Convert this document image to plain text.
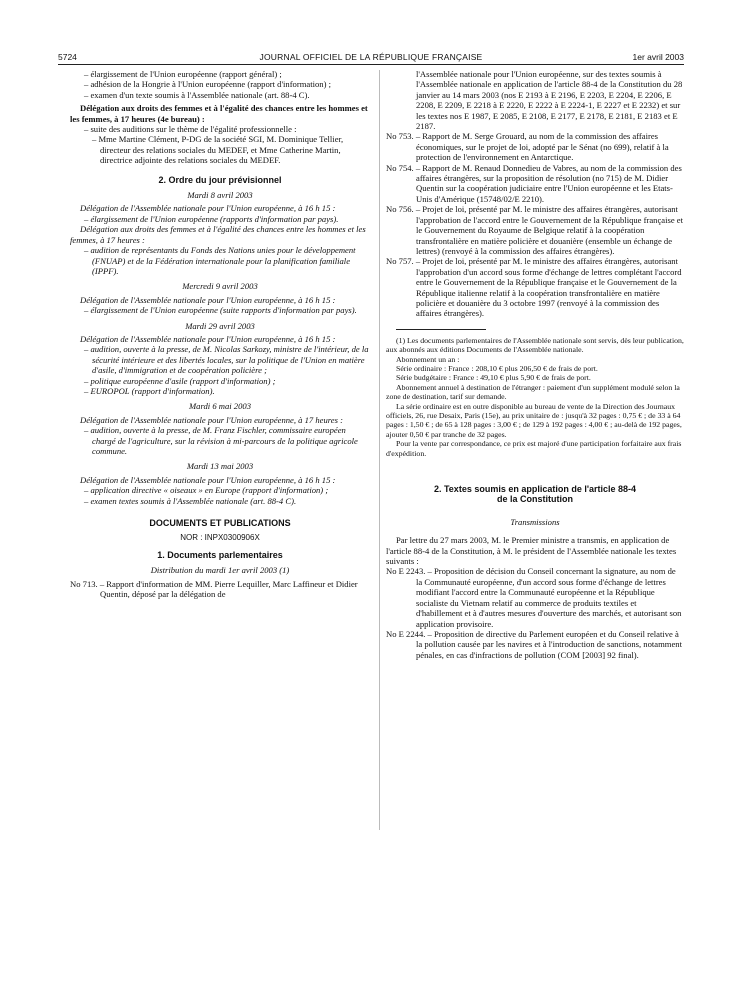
5724	JOURNAL OFFICIEL DE LA RÉPUBLIQUE FRANÇAISE	1er avril 2003

– élargissement de l'Union européenne (rapport général) ;

– adhésion de la Hongrie à l'Union européenne (rapport d'information) ;

– examen d'un texte soumis à l'Assemblée nationale (art. 88-4 C).

Délégation aux droits des femmes et à l'égalité des chances entre les hommes et les femmes, à 17 heures (4e bureau) :

– suite des auditions sur le thème de l'égalité professionnelle :

– Mme Martine Clément, P-DG de la société SGI, M. Dominique Tellier, directeur des relations sociales du MEDEF, et Mme Catherine Martin, directrice adjointe des relations sociales du MEDEF.

2. Ordre du jour prévisionnel

Mardi 8 avril 2003

Délégation de l'Assemblée nationale pour l'Union européenne, à 16 h 15 :

– élargissement de l'Union européenne (rapports d'information par pays).

Délégation aux droits des femmes et à l'égalité des chances entre les hommes et les femmes, à 17 heures :

– audition de représentants du Fonds des Nations unies pour le développement (FNUAP) et de la Fédération internationale pour la planification familiale (IPPF).

Mercredi 9 avril 2003

Délégation de l'Assemblée nationale pour l'Union européenne, à 16 h 15 :

– élargissement de l'Union européenne (suite rapports d'information par pays).

Mardi 29 avril 2003

Délégation de l'Assemblée nationale pour l'Union européenne, à 16 h 15 :

– audition, ouverte à la presse, de M. Nicolas Sarkozy, ministre de l'intérieur, de la sécurité intérieure et des libertés locales, sur la politique de l'Union en matière d'asile, d'immigration et de coopération policière ;

– politique européenne d'asile (rapport d'information) ;

– EUROPOL (rapport d'information).

Mardi 6 mai 2003

Délégation de l'Assemblée nationale pour l'Union européenne, à 17 heures :

– audition, ouverte à la presse, de M. Franz Fischler, commissaire européen chargé de l'agriculture, sur la révision à mi-parcours de la politique agricole commune.

Mardi 13 mai 2003

Délégation de l'Assemblée nationale pour l'Union européenne, à 16 h 15 :

– application directive « oiseaux » en Europe (rapport d'information) ;

– examen textes soumis à l'Assemblée nationale (art. 88-4 C).

DOCUMENTS ET PUBLICATIONS

NOR : INPX0300906X

1. Documents parlementaires

Distribution du mardi 1er avril 2003 (1)

No 713. – Rapport d'information de MM. Pierre Lequiller, Marc Laffineur et Didier Quentin, déposé par la délégation de

l'Assemblée nationale pour l'Union européenne, sur des textes soumis à l'Assemblée nationale en application de l'article 88-4 de la Constitution du 28 janvier au 14 mars 2003 (nos E 2193 à E 2196, E 2203, E 2204, E 2206, E 2208, E 2209, E 2218 à E 2220, E 2222 à E 2224-1, E 2227 et E 2232) et sur les textes nos E 1987, E 2085, E 2108, E 2177, E 2178, E 2181, E 2183 et E 2187.

No 753. – Rapport de M. Serge Grouard, au nom de la commission des affaires économiques, sur le projet de loi, adopté par le Sénat (no 699), relatif à la protection de l'environnement en Antarctique.

No 754. – Rapport de M. Renaud Donnedieu de Vabres, au nom de la commission des affaires étrangères, sur la proposition de résolution (no 715) de M. Didier Quentin sur la coopération judiciaire entre l'Union européenne et les Etats-Unis d'Amérique (15748/02/E 2210).

No 756. – Projet de loi, présenté par M. le ministre des affaires étrangères, autorisant l'approbation de l'accord entre le Gouvernement de la République française et le Gouvernement du Royaume de Belgique relatif à la coopération transfrontalière en matière policière et douanière (ensemble un échange de lettres) (renvoyé à la commission des affaires étrangères).

No 757. – Projet de loi, présenté par M. le ministre des affaires étrangères, autorisant l'approbation d'un accord sous forme d'échange de lettres complétant l'accord entre le Gouvernement de la République française et le Gouvernement de la République italienne relatif à la coopération transfrontalière en matière policière et douanière du 3 octobre 1997 (renvoyé à la commission des affaires étrangères).

(1) Les documents parlementaires de l'Assemblée nationale sont servis, dès leur publication, aux abonnés aux éditions Documents de l'Assemblée nationale.

Abonnement un an :

Série ordinaire : France : 208,10 € plus 206,50 € de frais de port.

Série budgétaire : France : 49,10 € plus 5,90 € de frais de port.

Abonnement annuel à destination de l'étranger : paiement d'un supplément modulé selon la zone de destination, tarif sur demande.

La série ordinaire est en outre disponible au bureau de vente de la Direction des Journaux officiels, 26, rue Desaix, Paris (15e), au prix unitaire de : jusqu'à 32 pages : 0,75 € ; de 33 à 64 pages : 1,50 € ; de 65 à 128 pages : 3,00 € ; de 129 à 192 pages : 4,00 € ; au-delà de 192 pages, ajouter 0,50 € par tranche de 32 pages.

Pour la vente par correspondance, ce prix est majoré d'une participation forfaitaire aux frais d'expédition.

2. Textes soumis en application de l'article 88-4

de la Constitution

Transmissions

Par lettre du 27 mars 2003, M. le Premier ministre a transmis, en application de l'article 88-4 de la Constitution, à M. le président de l'Assemblée nationale les textes suivants :

No E 2243. – Proposition de décision du Conseil concernant la signature, au nom de la Communauté européenne, d'un accord sous forme d'échange de lettres modifiant l'accord entre la Communauté européenne et la République socialiste du Vietnam relatif au commerce de produits textiles et d'habillement et à d'autres mesures d'ouverture des marchés, et autorisant son application provisoire.

No E 2244. – Proposition de directive du Parlement européen et du Conseil relative à la pollution causée par les navires et à l'introduction de sanctions, notamment pénales, en cas d'infractions de pollution (COM [2003] 92 final).
